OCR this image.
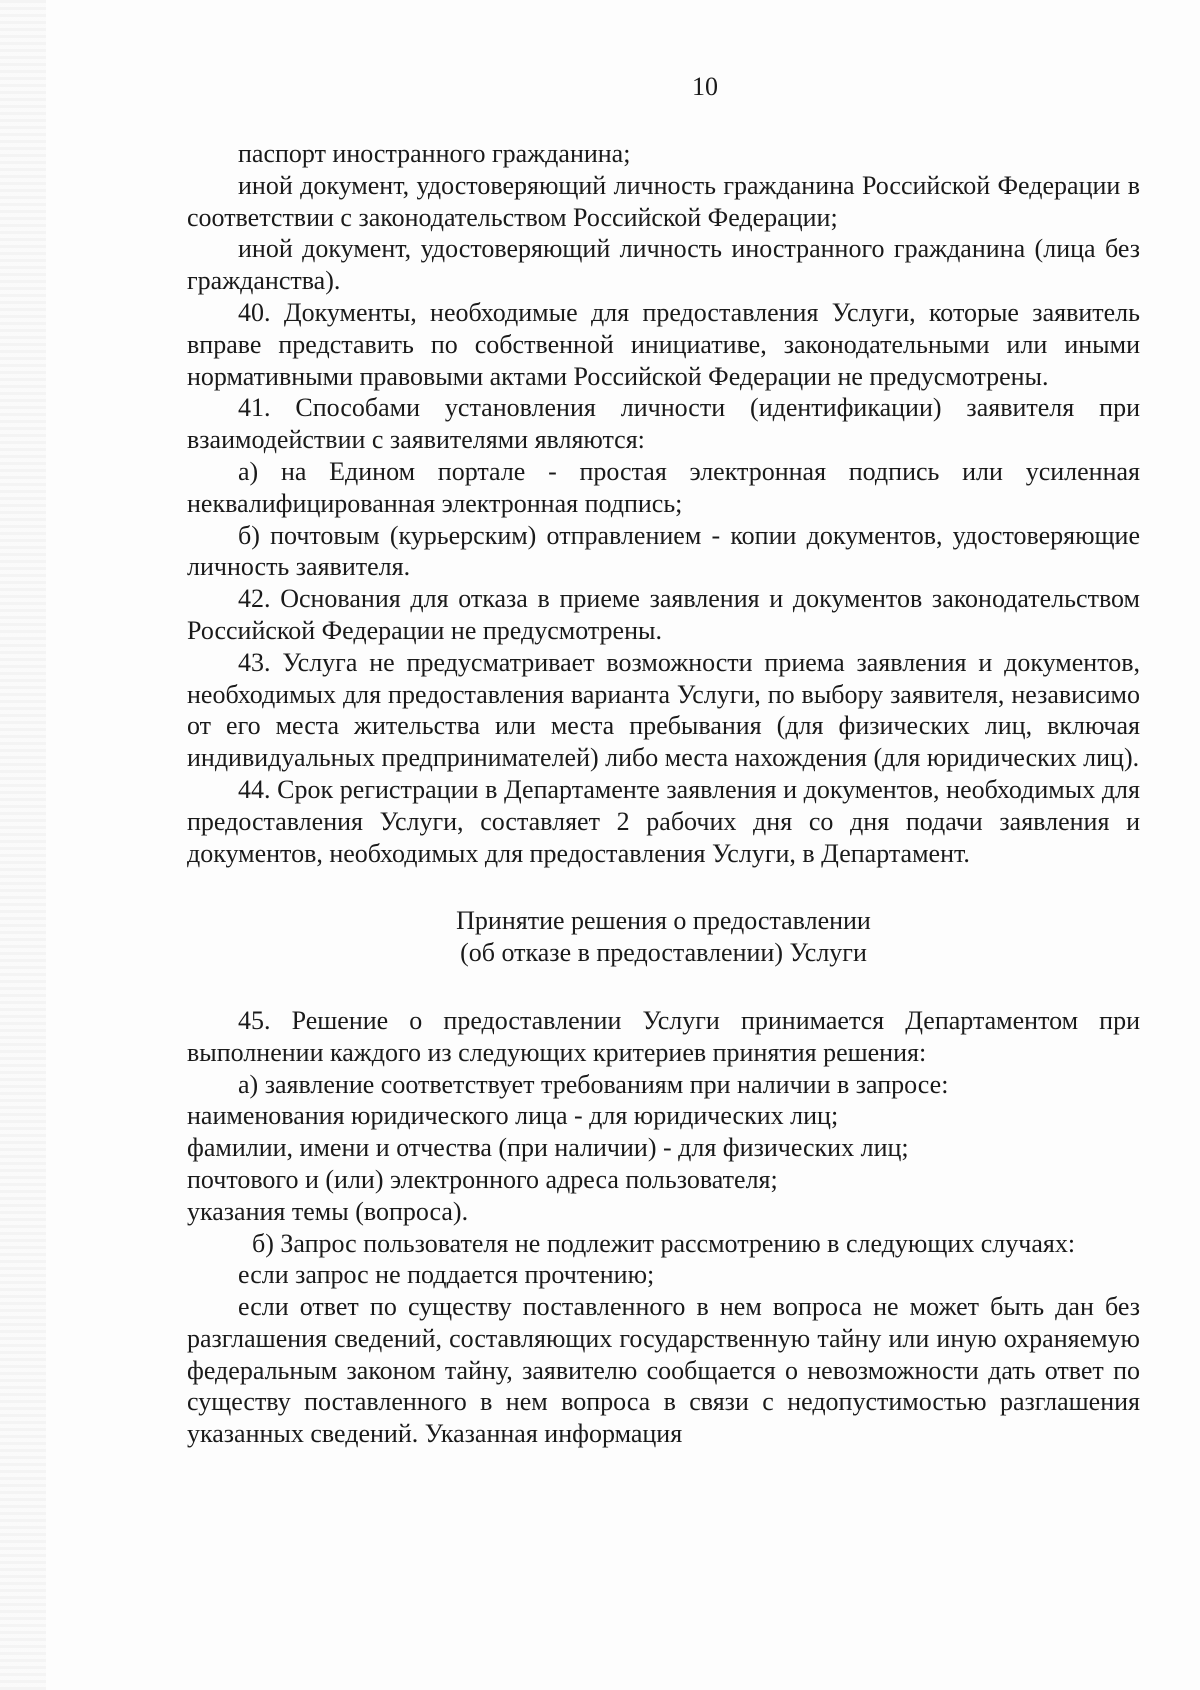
10

паспорт иностранного гражданина;

иной документ, удостоверяющий личность гражданина Российской Федерации в соответствии с законодательством Российской Федерации;

иной документ, удостоверяющий личность иностранного гражданина (лица без гражданства).

40. Документы, необходимые для предоставления Услуги, которые заявитель вправе представить по собственной инициативе, законодательными или иными нормативными правовыми актами Российской Федерации не предусмотрены.

41. Способами установления личности (идентификации) заявителя при взаимодействии с заявителями являются:

а) на Едином портале - простая электронная подпись или усиленная неквалифицированная электронная подпись;

б) почтовым (курьерским) отправлением - копии документов, удостоверяющие личность заявителя.

42. Основания для отказа в приеме заявления и документов законодательством Российской Федерации не предусмотрены.

43. Услуга не предусматривает возможности приема заявления и документов, необходимых для предоставления варианта Услуги, по выбору заявителя, независимо от его места жительства или места пребывания (для физических лиц, включая индивидуальных предпринимателей) либо места нахождения (для юридических лиц).

44. Срок регистрации в Департаменте заявления и документов, необходимых для предоставления Услуги, составляет 2 рабочих дня со дня подачи заявления и документов, необходимых для предоставления Услуги, в Департамент.

Принятие решения о предоставлении
(об отказе в предоставлении) Услуги

45. Решение о предоставлении Услуги принимается Департаментом при выполнении каждого из следующих критериев принятия решения:

а) заявление соответствует требованиям при наличии в запросе:

наименования юридического лица - для юридических лиц;

фамилии, имени и отчества (при наличии) - для физических лиц;

почтового и (или) электронного адреса пользователя;

указания темы (вопроса).

б) Запрос пользователя не подлежит рассмотрению в следующих случаях:

если запрос не поддается прочтению;

если ответ по существу поставленного в нем вопроса не может быть дан без разглашения сведений, составляющих государственную тайну или иную охраняемую федеральным законом тайну, заявителю сообщается о невозможности дать ответ по существу поставленного в нем вопроса в связи с недопустимостью разглашения указанных сведений. Указанная информация
